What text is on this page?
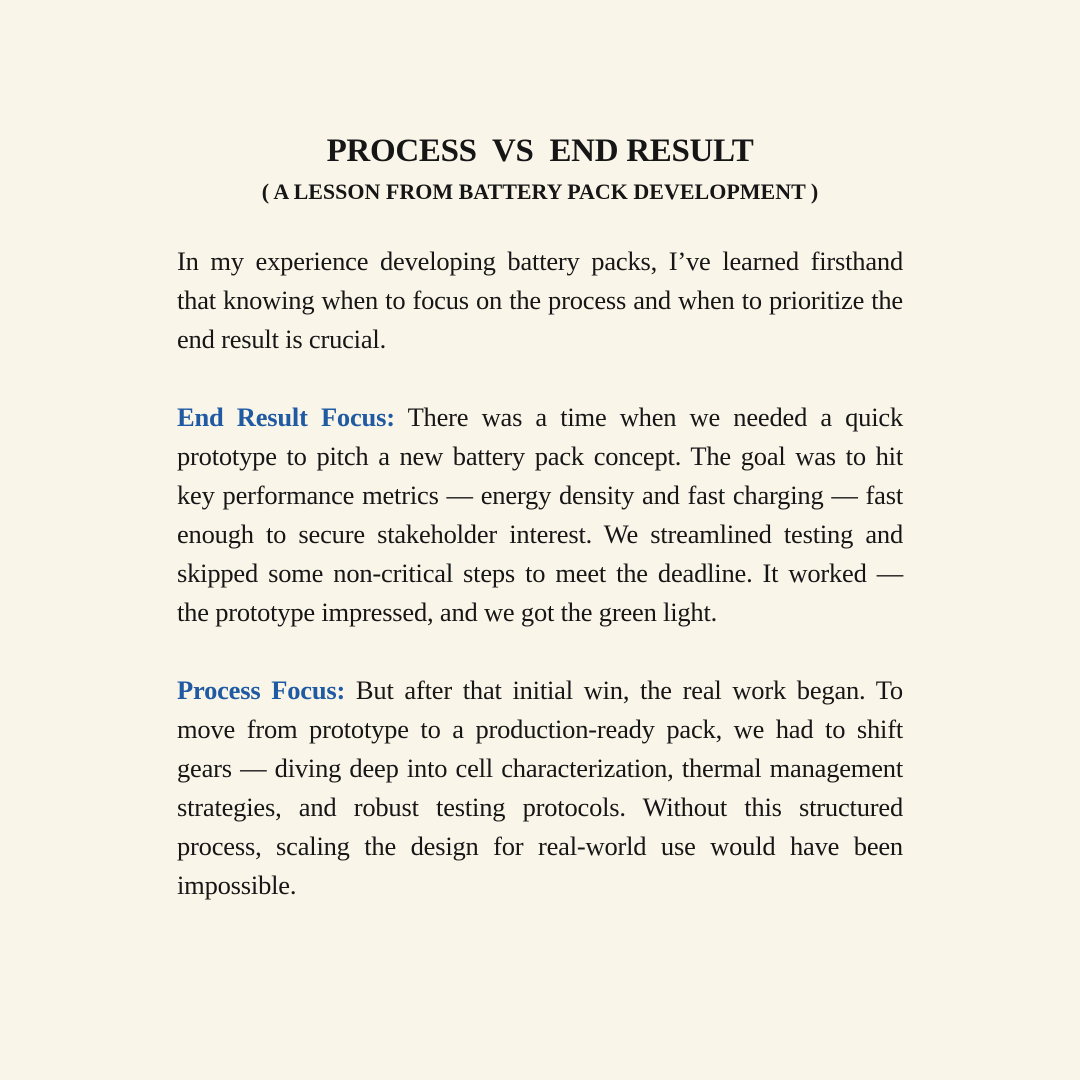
PROCESS  VS  END RESULT
( A LESSON FROM BATTERY PACK DEVELOPMENT )

In my experience developing battery packs, I’ve learned firsthand that knowing when to focus on the process and when to prioritize the end result is crucial.

End Result Focus: There was a time when we needed a quick prototype to pitch a new battery pack concept. The goal was to hit key performance metrics — energy density and fast charging — fast enough to secure stakeholder interest. We streamlined testing and skipped some non-critical steps to meet the deadline. It worked — the prototype impressed, and we got the green light.

Process Focus: But after that initial win, the real work began. To move from prototype to a production-ready pack, we had to shift gears — diving deep into cell characterization, thermal management strategies, and robust testing protocols. Without this structured process, scaling the design for real-world use would have been impossible.
